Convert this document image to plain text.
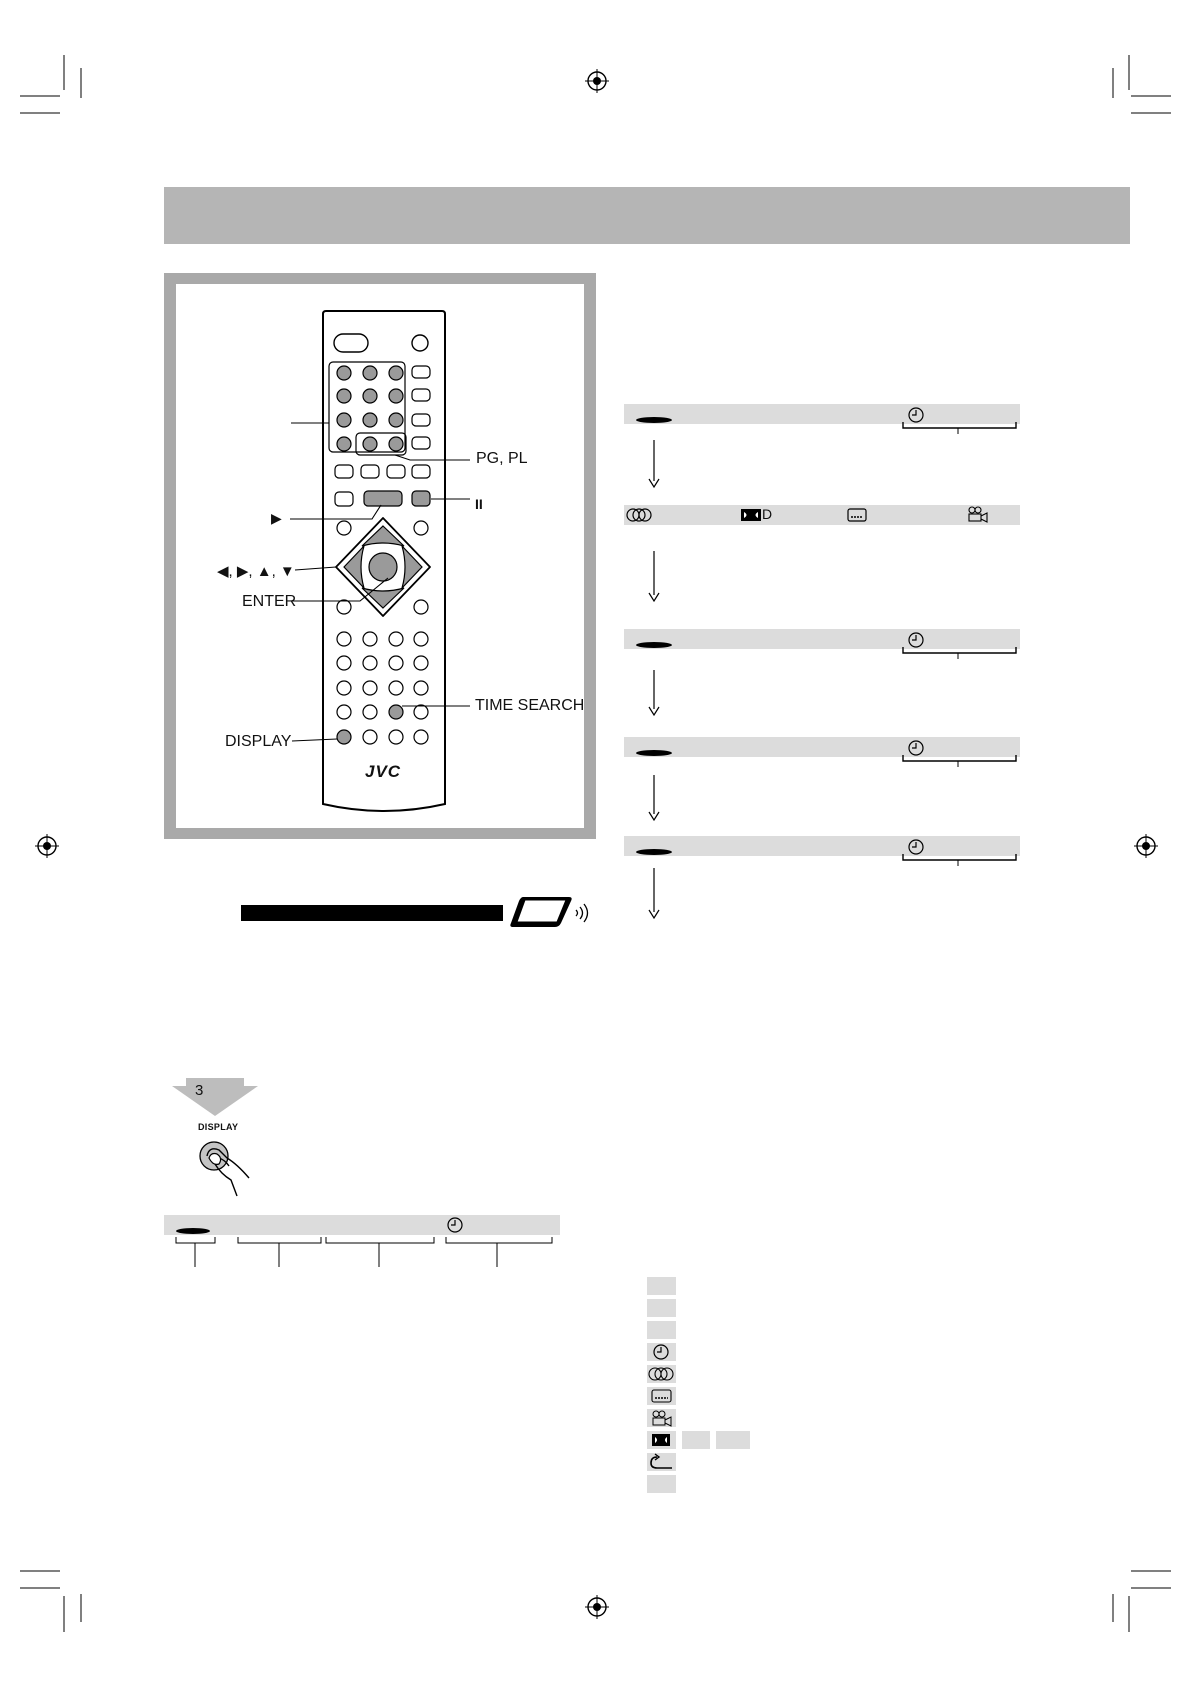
JVC
PG, PL
▶
II
◀, ▶, ▲, ▼
ENTER
TIME SEARCH
DISPLAY
3
DISPLAY
D
